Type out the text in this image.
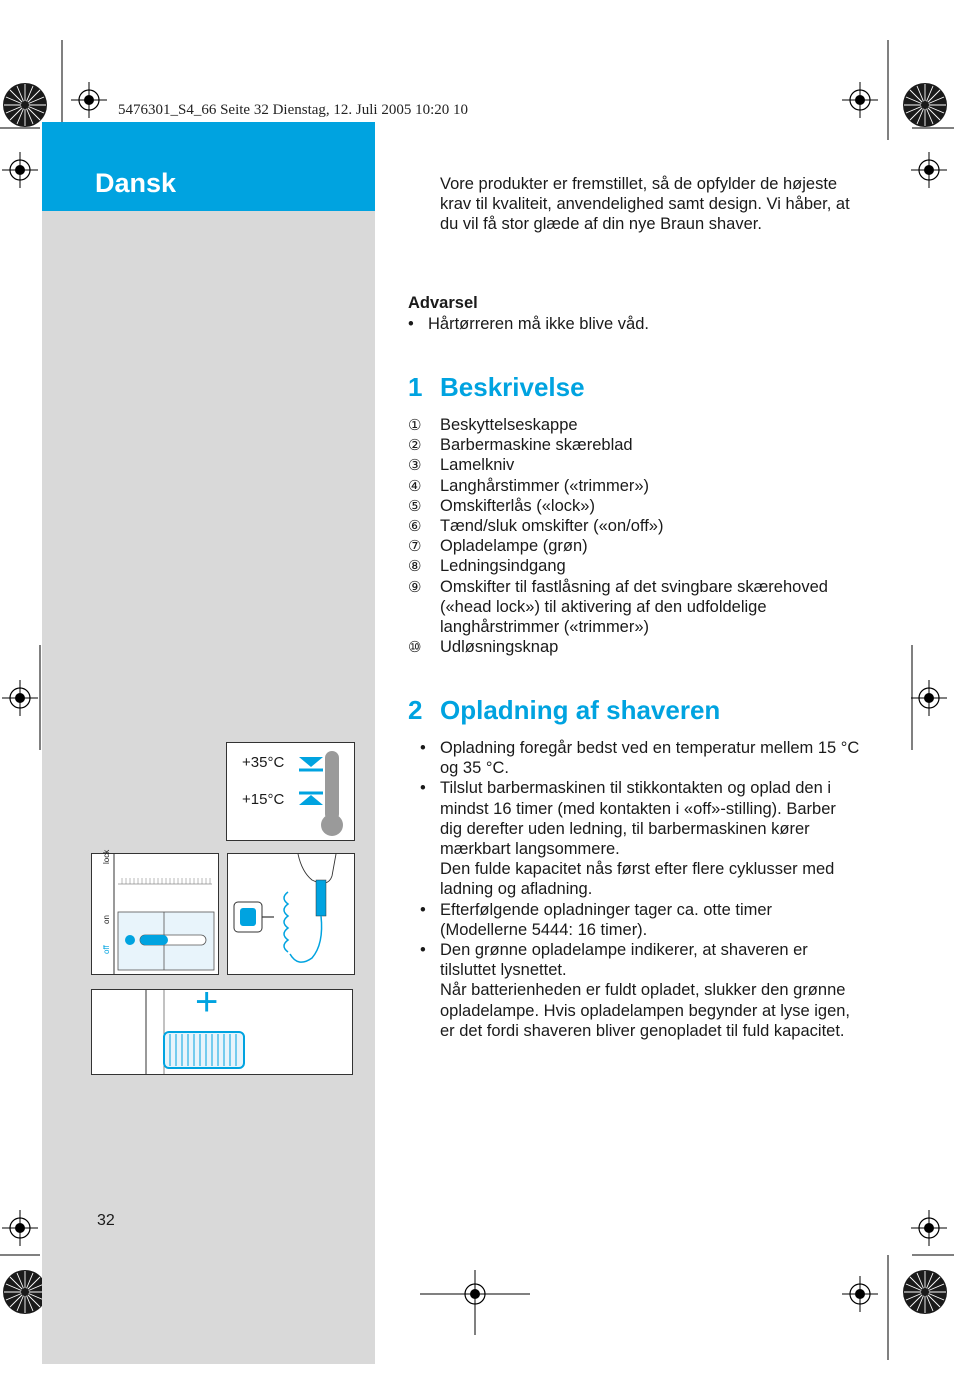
5476301_S4_66 Seite 32 Dienstag, 12. Juli 2005 10:20 10
Dansk
32
Vore produkter er fremstillet, så de opfylder de højeste krav til kvaliteit, anvendelighed samt design. Vi håber, at du vil få stor glæde af din nye Braun shaver.
Advarsel
• Hårtørreren må ikke blive våd.
1 Beskrivelse
① Beskyttelseskappe
② Barbermaskine skæreblad
③ Lamelkniv
④ Langhårstimmer («trimmer»)
⑤ Omskifterlås («lock»)
⑥ Tænd/sluk omskifter («on/off»)
⑦ Opladelampe (grøn)
⑧ Ledningsindgang
⑨ Omskifter til fastlåsning af det svingbare skærehoved («head lock») til aktivering af den udfoldelige langhårstrimmer («trimmer»)
⑩ Udløsningsknap
2 Opladning af shaveren
• Opladning foregår bedst ved en temperatur mellem 15 °C og 35 °C.
• Tilslut barbermaskinen til stikkontakten og oplad den i mindst 16 timer (med kontakten i «off»-stilling). Barber dig derefter uden ledning, til barbermaskinen kører mærkbart langsommere.
Den fulde kapacitet nås først efter flere cyklusser med ladning og afladning.
• Efterfølgende opladninger tager ca. otte timer (Modellerne 5444: 16 timer).
• Den grønne opladelampe indikerer, at shaveren er tilsluttet lysnettet.
Når batterienheden er fuldt opladet, slukker den grønne opladelampe. Hvis opladelampen begynder at lyse igen, er det fordi shaveren bliver genopladet til fuld kapacitet.
+35°C
+15°C
lock
on
off
+
